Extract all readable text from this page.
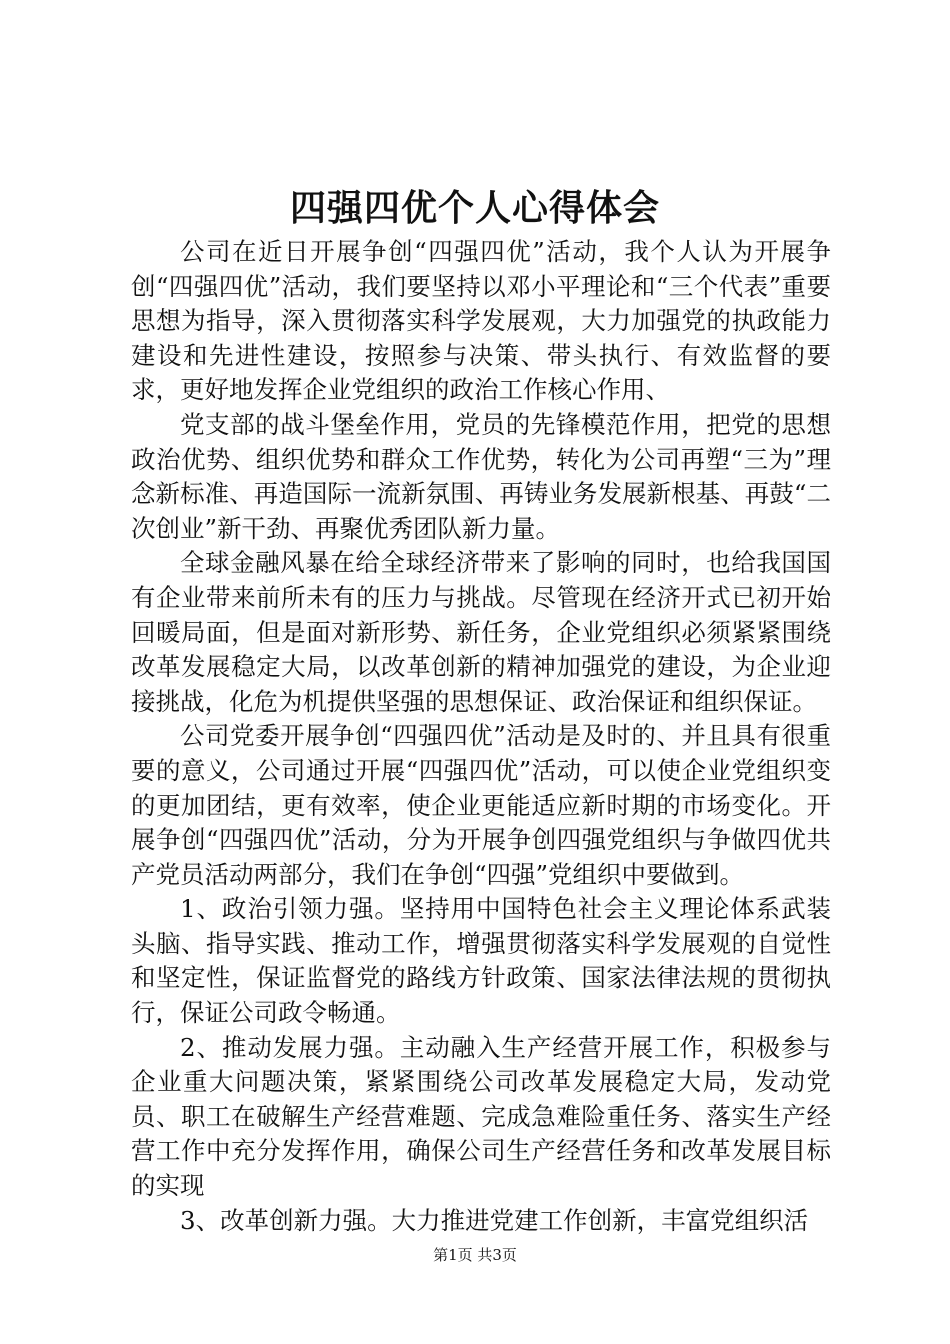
四强四优个人心得体会

公司在近日开展争创“四强四优”活动，我个人认为开展争创“四强四优”活动，我们要坚持以邓小平理论和“三个代表”重要思想为指导，深入贯彻落实科学发展观，大力加强党的执政能力建设和先进性建设，按照参与决策、带头执行、有效监督的要求，更好地发挥企业党组织的政治工作核心作用、

党支部的战斗堡垒作用，党员的先锋模范作用，把党的思想政治优势、组织优势和群众工作优势，转化为公司再塑“三为”理念新标准、再造国际一流新氛围、再铸业务发展新根基、再鼓“二次创业”新干劲、再聚优秀团队新力量。

全球金融风暴在给全球经济带来了影响的同时，也给我国国有企业带来前所未有的压力与挑战。尽管现在经济开式已初开始回暖局面，但是面对新形势、新任务，企业党组织必须紧紧围绕改革发展稳定大局，以改革创新的精神加强党的建设，为企业迎接挑战，化危为机提供坚强的思想保证、政治保证和组织保证。

公司党委开展争创“四强四优”活动是及时的、并且具有很重要的意义，公司通过开展“四强四优”活动，可以使企业党组织变的更加团结，更有效率，使企业更能适应新时期的市场变化。开展争创“四强四优”活动，分为开展争创四强党组织与争做四优共产党员活动两部分，我们在争创“四强”党组织中要做到。

1、政治引领力强。坚持用中国特色社会主义理论体系武装头脑、指导实践、推动工作，增强贯彻落实科学发展观的自觉性和坚定性，保证监督党的路线方针政策、国家法律法规的贯彻执行，保证公司政令畅通。

2、推动发展力强。主动融入生产经营开展工作，积极参与企业重大问题决策，紧紧围绕公司改革发展稳定大局，发动党员、职工在破解生产经营难题、完成急难险重任务、落实生产经营工作中充分发挥作用，确保公司生产经营任务和改革发展目标的实现

3、改革创新力强。大力推进党建工作创新，丰富党组织活

第1页 共3页
